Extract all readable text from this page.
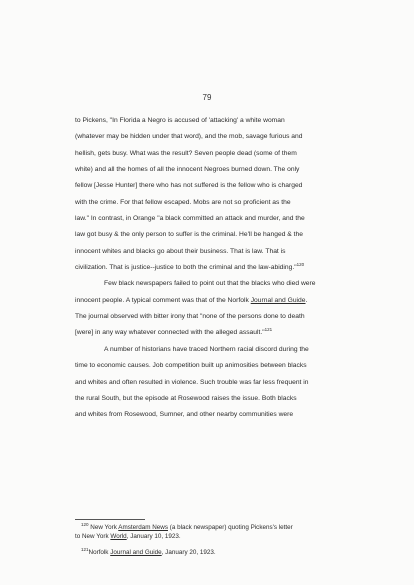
79
to Pickens, "In Florida a Negro is accused of 'attacking' a white woman
(whatever may be hidden under that word), and the mob, savage furious and
hellish, gets busy. What was the result? Seven people dead (some of them
white) and all the homes of all the innocent Negroes burned down. The only
fellow [Jesse Hunter] there who has not suffered is the fellow who is charged
with the crime. For that fellow escaped. Mobs are not so proficient as the
law." In contrast, in Orange "a black committed an attack and murder, and the
law got busy & the only person to suffer is the criminal. He'll be hanged & the
innocent whites and blacks go about their business. That is law. That is
civilization. That is justice--justice to both the criminal and the law-abiding."$^{120}$
Few black newspapers failed to point out that the blacks who died were
innocent people. A typical comment was that of the Norfolk Journal and Guide.
The journal observed with bitter irony that "none of the persons done to death
[were] in any way whatever connected with the alleged assault."$^{121}$
A number of historians have traced Northern racial discord during the
time to economic causes. Job competition built up animosities between blacks
and whites and often resulted in violence. Such trouble was far less frequent in
the rural South, but the episode at Rosewood raises the issue. Both blacks
and whites from Rosewood, Sumner, and other nearby communities were
$^{120}$ New York Amsterdam News (a black newspaper) quoting Pickens's letter
to New York World, January 10, 1923.
$^{121}$Norfolk Journal and Guide, January 20, 1923.
